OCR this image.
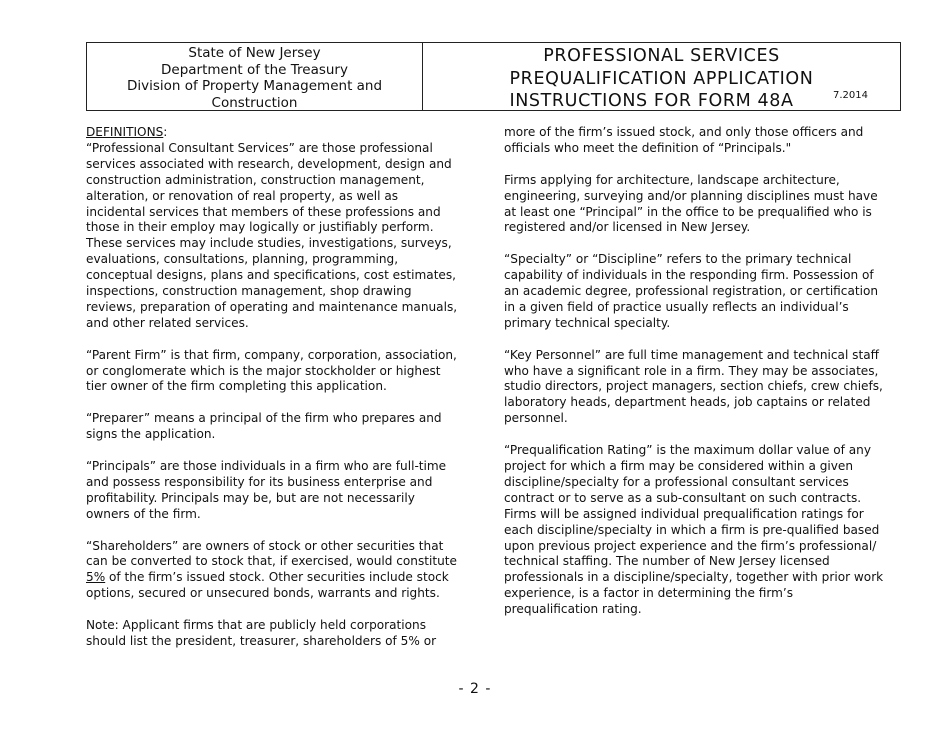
State of New Jersey
Department of the Treasury
Division of Property Management and
Construction
PROFESSIONAL SERVICES
PREQUALIFICATION APPLICATION
INSTRUCTIONS FOR FORM 48A	7.2014
DEFINITIONS:

“Professional Consultant Services” are those professional services associated with research, development, design and construction administration, construction management, alteration, or renovation of real property, as well as incidental services that members of these professions and those in their employ may logically or justifiably perform. These services may include studies, investigations, surveys, evaluations, consultations, planning, programming, conceptual designs, plans and specifications, cost estimates, inspections, construction management, shop drawing reviews, preparation of operating and maintenance manuals, and other related services.

“Parent Firm” is that firm, company, corporation, association, or conglomerate which is the major stockholder or highest tier owner of the firm completing this application.

“Preparer” means a principal of the firm who prepares and signs the application.

“Principals” are those individuals in a firm who are full-time and possess responsibility for its business enterprise and profitability. Principals may be, but are not necessarily owners of the firm.

“Shareholders” are owners of stock or other securities that can be converted to stock that, if exercised, would constitute 5% of the firm’s issued stock. Other securities include stock options, secured or unsecured bonds, warrants and rights.

Note: Applicant firms that are publicly held corporations should list the president, treasurer, shareholders of 5% or

more of the firm’s issued stock, and only those officers and officials who meet the definition of “Principals."

Firms applying for architecture, landscape architecture, engineering, surveying and/or planning disciplines must have at least one “Principal” in the office to be prequalified who is registered and/or licensed in New Jersey.

“Specialty” or “Discipline” refers to the primary technical capability of individuals in the responding firm. Possession of an academic degree, professional registration, or certification in a given field of practice usually reflects an individual’s primary technical specialty.

“Key Personnel” are full time management and technical staff who have a significant role in a firm. They may be associates, studio directors, project managers, section chiefs, crew chiefs, laboratory heads, department heads, job captains or related personnel.

“Prequalification Rating” is the maximum dollar value of any project for which a firm may be considered within a given discipline/specialty for a professional consultant services contract or to serve as a sub-consultant on such contracts. Firms will be assigned individual prequalification ratings for each discipline/specialty in which a firm is pre-qualified based upon previous project experience and the firm’s professional/ technical staffing. The number of New Jersey licensed professionals in a discipline/specialty, together with prior work experience, is a factor in determining the firm’s prequalification rating.

- 2 -
